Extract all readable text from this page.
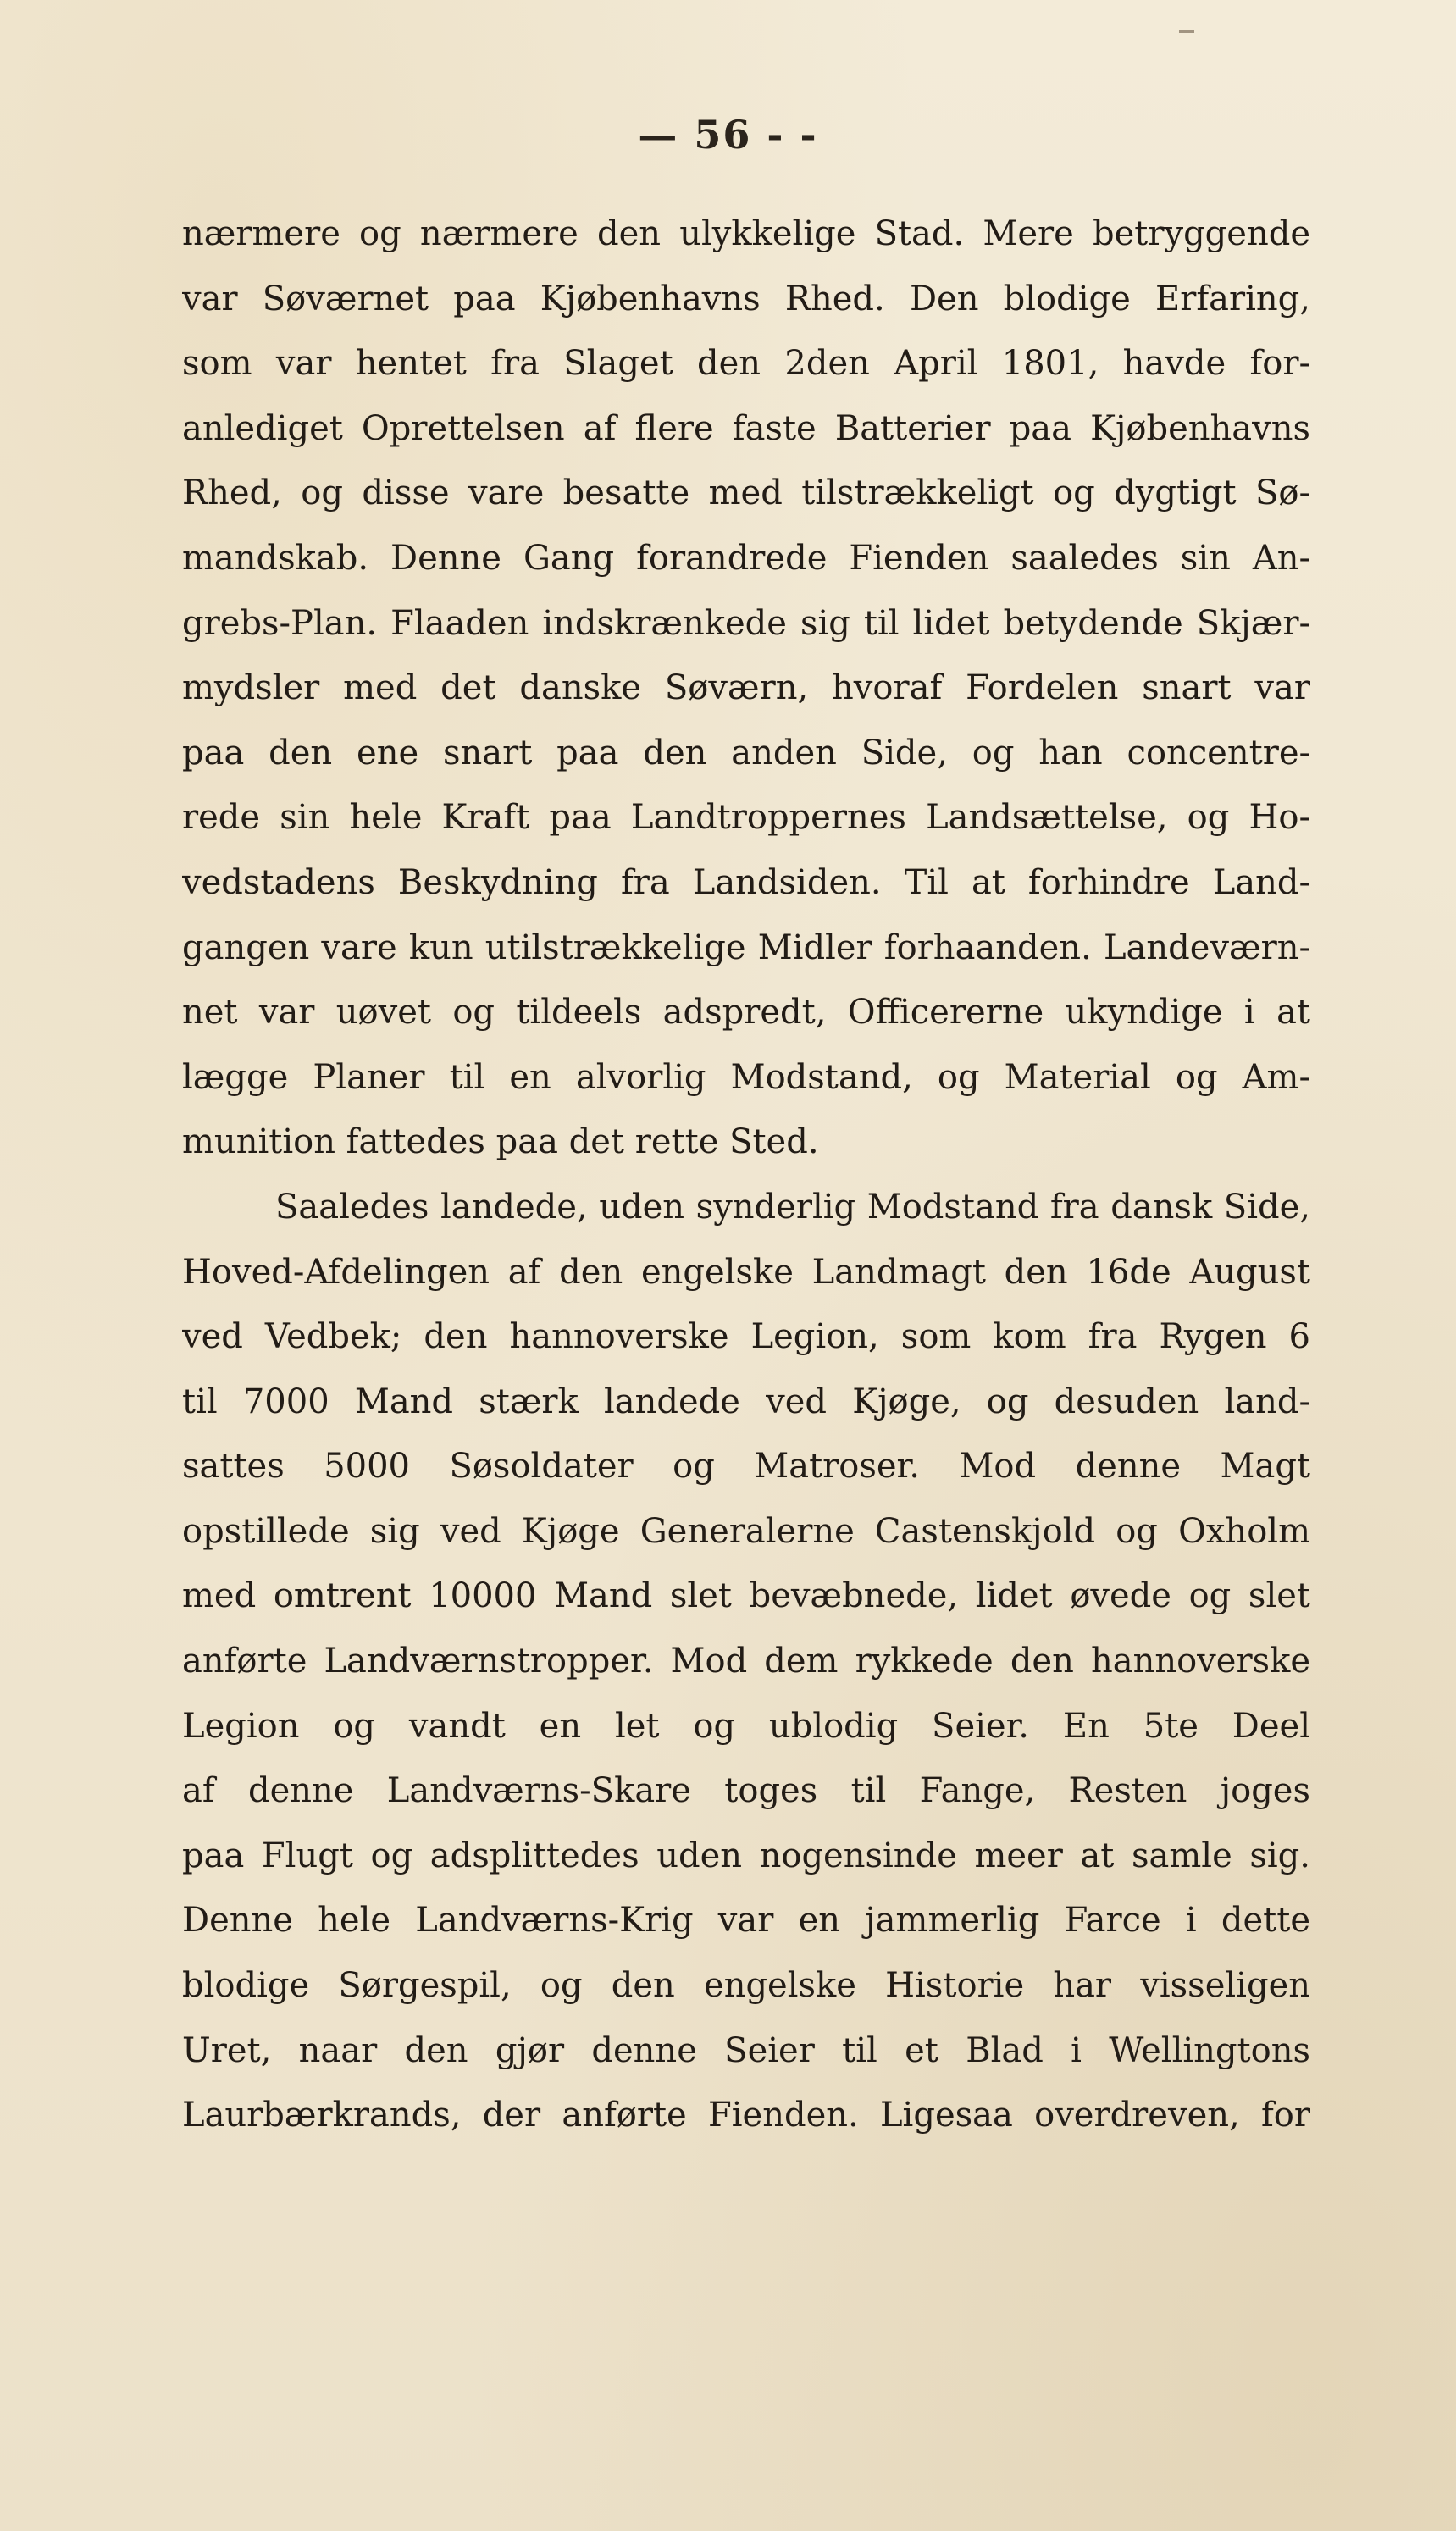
— 56 - -
nærmere og nærmere den ulykkelige Stad. Mere betryggende
var Søværnet paa Kjøbenhavns Rhed. Den blodige Erfaring,
som var hentet fra Slaget den 2den April 1801, havde for-
anlediget Oprettelsen af flere faste Batterier paa Kjøbenhavns
Rhed, og disse vare besatte med tilstrækkeligt og dygtigt Sø-
mandskab. Denne Gang forandrede Fienden saaledes sin An-
grebs-Plan. Flaaden indskrænkede sig til lidet betydende Skjær-
mydsler med det danske Søværn, hvoraf Fordelen snart var
paa den ene snart paa den anden Side, og han concentre-
rede sin hele Kraft paa Landtroppernes Landsættelse, og Ho-
vedstadens Beskydning fra Landsiden. Til at forhindre Land-
gangen vare kun utilstrækkelige Midler forhaanden. Landeværn-
net var uøvet og tildeels adspredt, Officererne ukyndige i at
lægge Planer til en alvorlig Modstand, og Material og Am-
munition fattedes paa det rette Sted.
Saaledes landede, uden synderlig Modstand fra dansk Side,
Hoved-Afdelingen af den engelske Landmagt den 16de August
ved Vedbek; den hannoverske Legion, som kom fra Rygen 6
til 7000 Mand stærk landede ved Kjøge, og desuden land-
sattes 5000 Søsoldater og Matroser. Mod denne Magt
opstillede sig ved Kjøge Generalerne Castenskjold og Oxholm
med omtrent 10000 Mand slet bevæbnede, lidet øvede og slet
anførte Landværnstropper. Mod dem rykkede den hannoverske
Legion og vandt en let og ublodig Seier. En 5te Deel
af denne Landværns-Skare toges til Fange, Resten joges
paa Flugt og adsplittedes uden nogensinde meer at samle sig.
Denne hele Landværns-Krig var en jammerlig Farce i dette
blodige Sørgespil, og den engelske Historie har visseligen
Uret, naar den gjør denne Seier til et Blad i Wellingtons
Laurbærkrands, der anførte Fienden. Ligesaa overdreven, for
